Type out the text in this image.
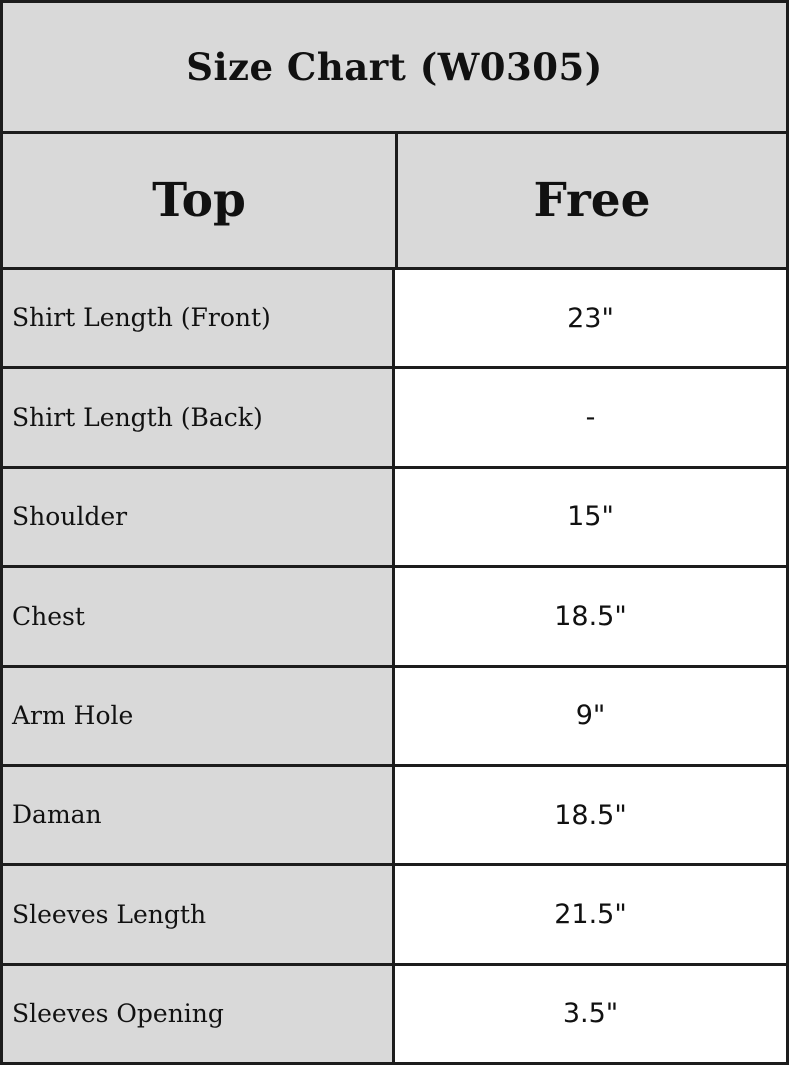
Size Chart (W0305)
Top	Free
Shirt Length (Front)	23"
Shirt Length (Back)	-
Shoulder	15"
Chest	18.5"
Arm Hole	9"
Daman	18.5"
Sleeves Length	21.5"
Sleeves Opening	3.5"
